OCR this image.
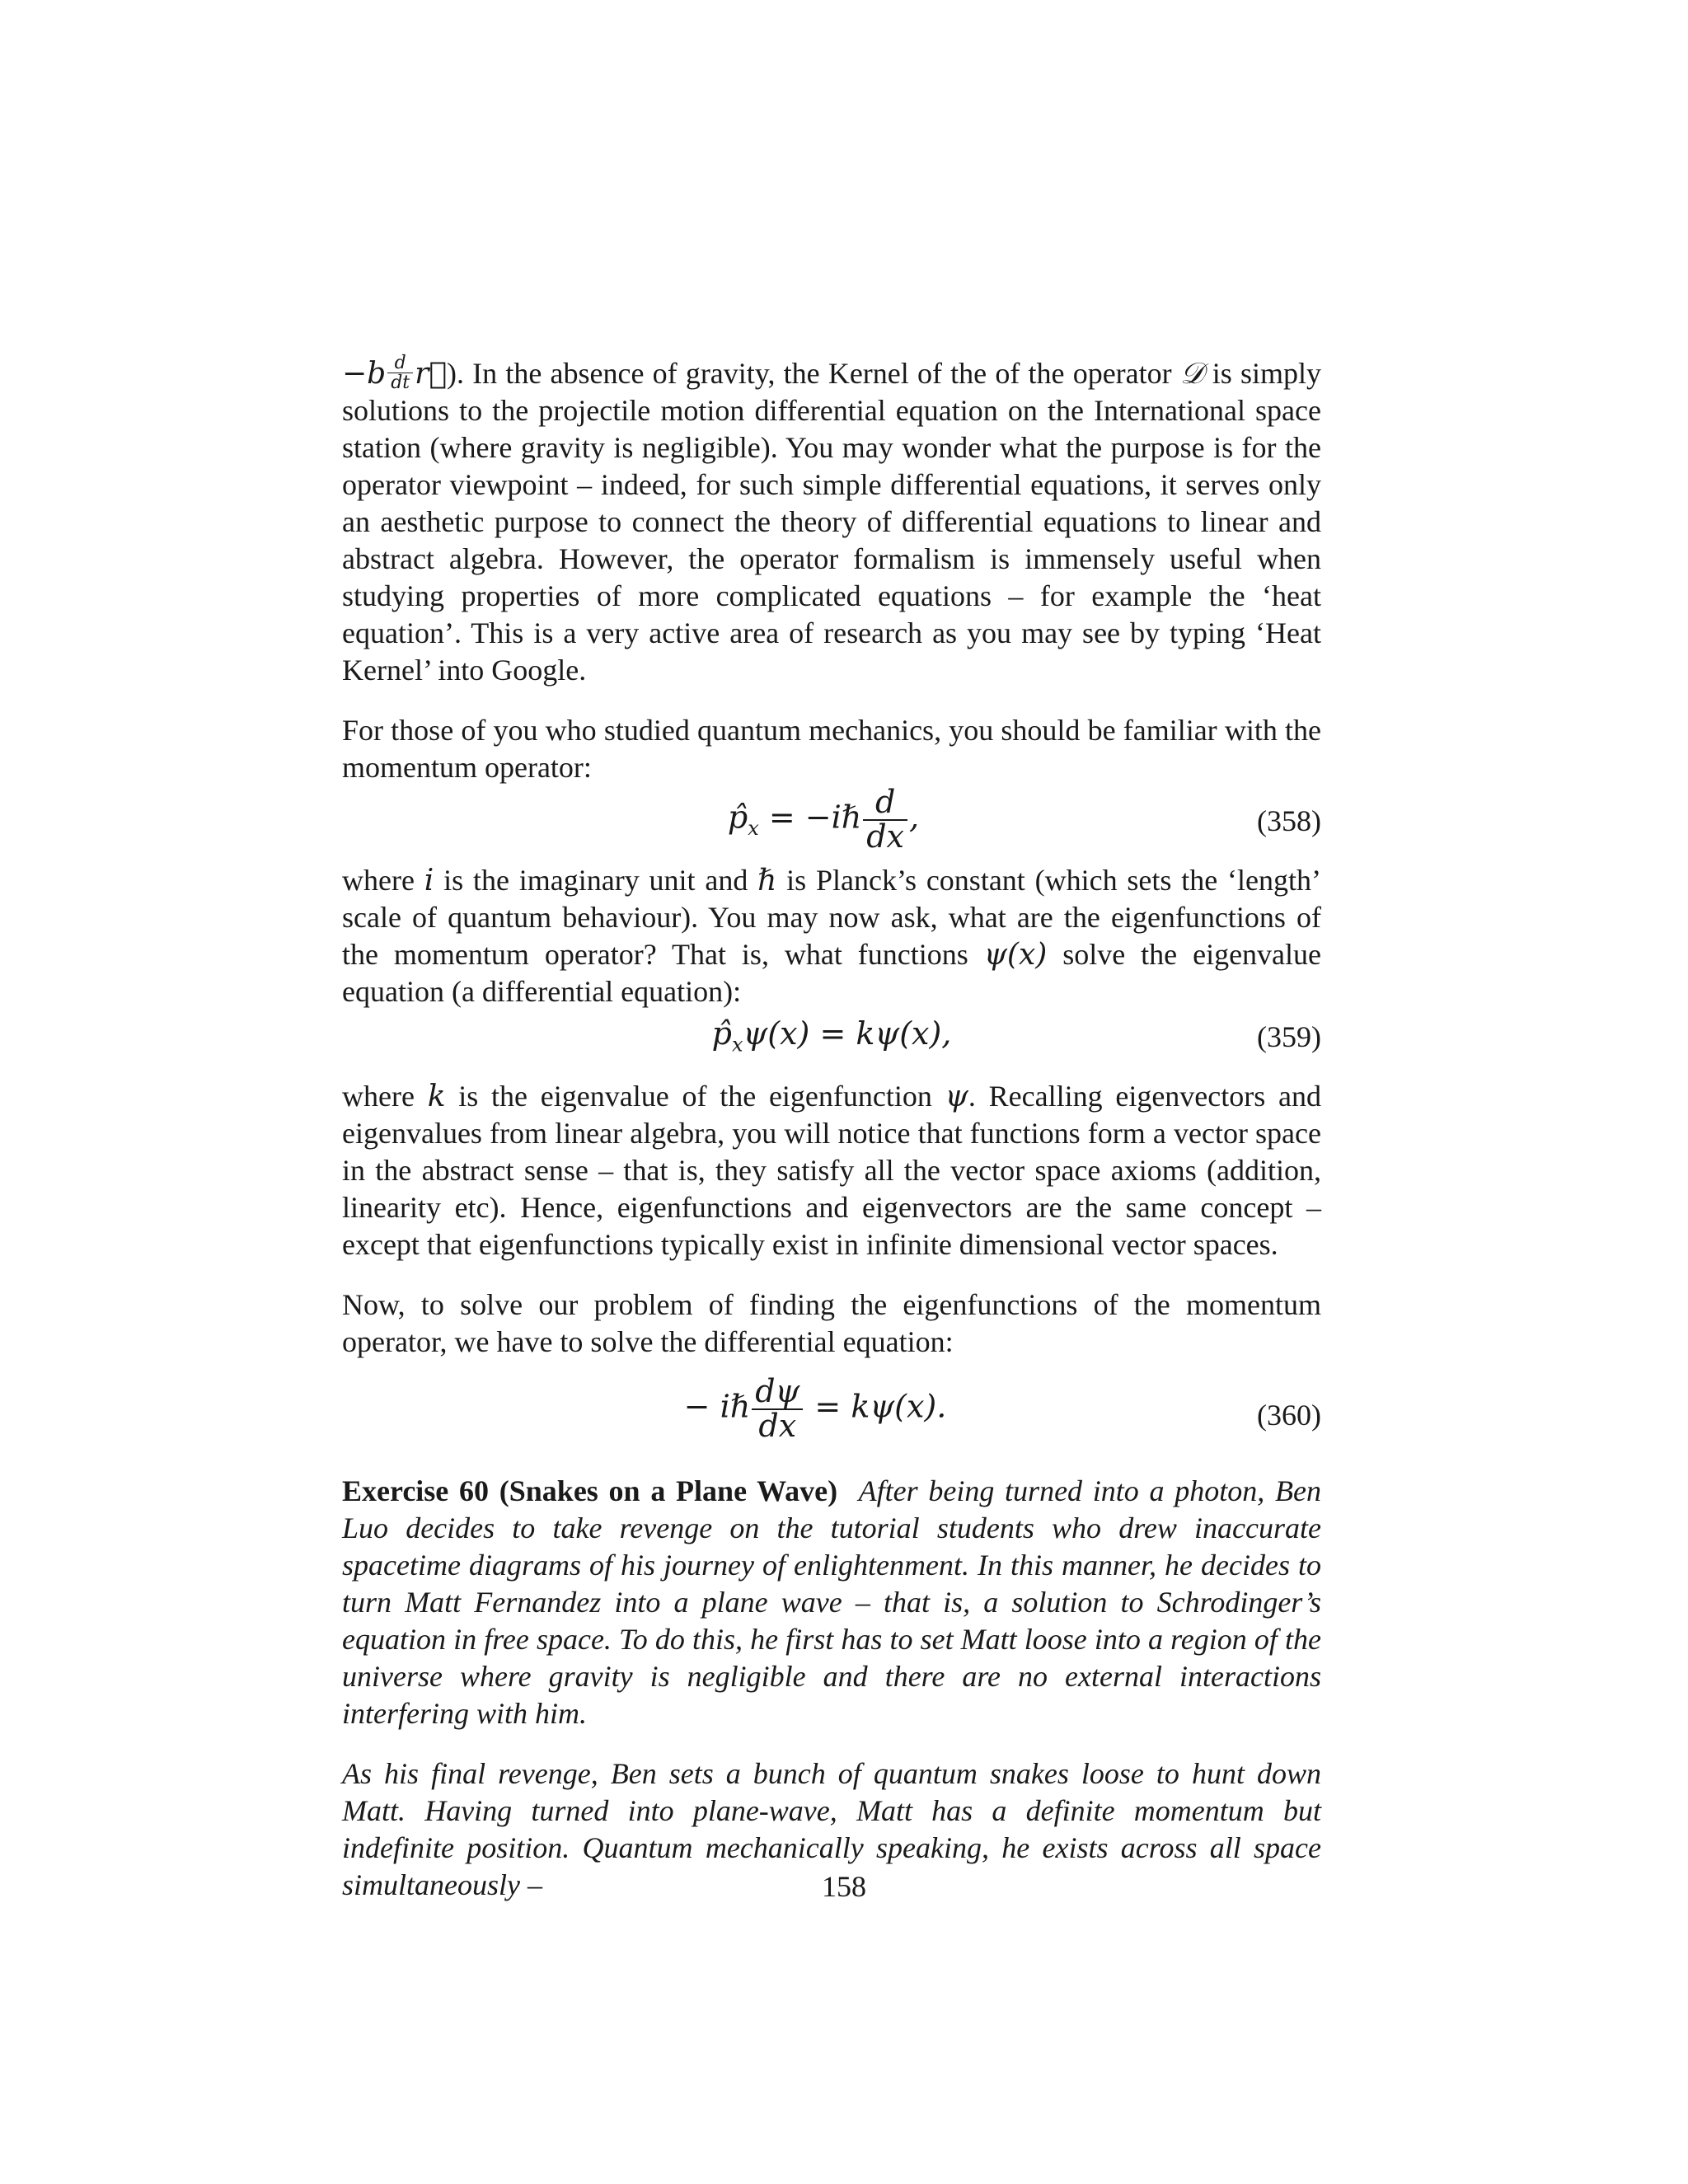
$-b \frac{d}{dt}$ r⃗). In the absence of gravity, the Kernel of the of the operator 𝒟 is simply solutions to the projectile motion differential equation on the International space station (where gravity is negligible). You may wonder what the purpose is for the operator viewpoint – indeed, for such simple differential equations, it serves only an aesthetic purpose to connect the theory of differential equations to linear and abstract algebra. However, the operator formalism is immensely useful when studying properties of more complicated equations – for example the ‘heat equation’. This is a very active area of research as you may see by typing ‘Heat Kernel’ into Google.

For those of you who studied quantum mechanics, you should be familiar with the momentum operator:

$p̂_x$ = −iℏ $\frac{d}{dx}$ ,	(358)

where i is the imaginary unit and ℏ is Planck’s constant (which sets the ‘length’ scale of quantum behaviour). You may now ask, what are the eigenfunctions of the momentum operator? That is, what functions ψ(x) solve the eigenvalue equation (a differential equation):

$p̂_x\psi(x) = k\psi(x)$,	(359)

where k is the eigenvalue of the eigenfunction ψ. Recalling eigenvectors and eigenvalues from linear algebra, you will notice that functions form a vector space in the abstract sense – that is, they satisfy all the vector space axioms (addition, linearity etc). Hence, eigenfunctions and eigenvectors are the same concept – except that eigenfunctions typically exist in infinite dimensional vector spaces.

Now, to solve our problem of finding the eigenfunctions of the momentum operator, we have to solve the differential equation:

− iℏ $\frac{d\psi}{dx} = k\psi(x)$.	(360)

Exercise 60 (Snakes on a Plane Wave) After being turned into a photon, Ben Luo decides to take revenge on the tutorial students who drew inaccurate spacetime diagrams of his journey of enlightenment. In this manner, he decides to turn Matt Fernandez into a plane wave – that is, a solution to Schrodinger’s equation in free space. To do this, he first has to set Matt loose into a region of the universe where gravity is negligible and there are no external interactions interfering with him.

As his final revenge, Ben sets a bunch of quantum snakes loose to hunt down Matt. Having turned into plane-wave, Matt has a definite momentum but indefinite position. Quantum mechanically speaking, he exists across all space simultaneously –	158
